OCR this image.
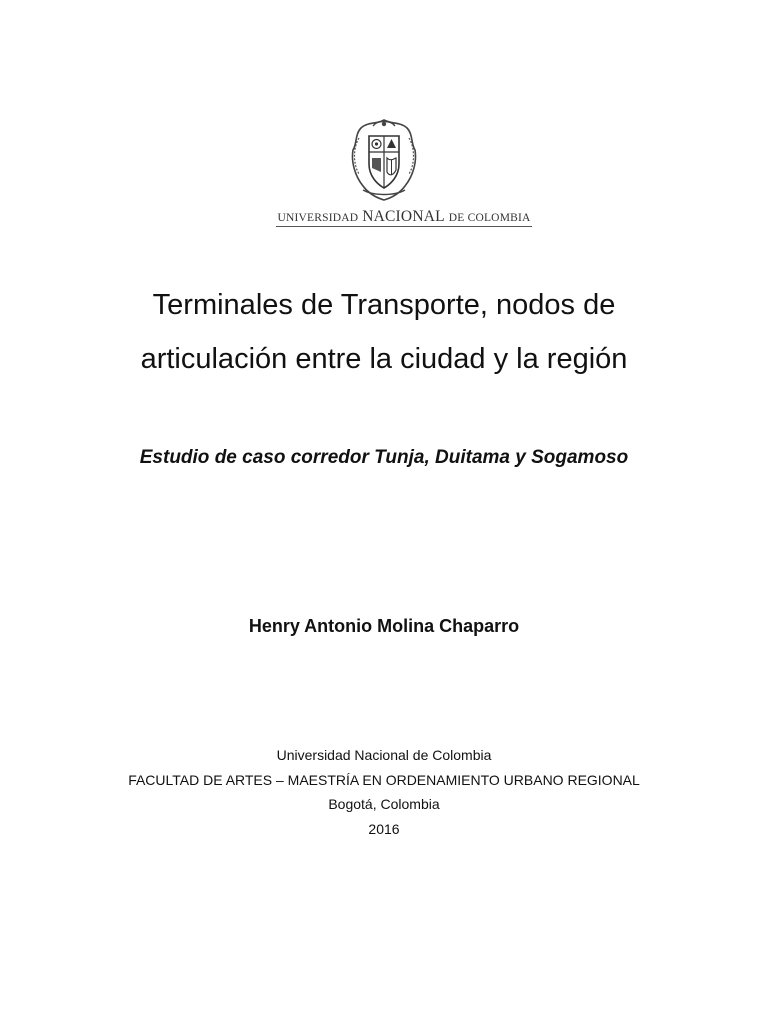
UNIVERSIDAD NACIONAL DE COLOMBIA
Terminales de Transporte, nodos de articulación entre la ciudad y la región
Estudio de caso corredor Tunja, Duitama y Sogamoso
Henry Antonio Molina Chaparro
Universidad Nacional de Colombia
FACULTAD DE ARTES – MAESTRÍA EN ORDENAMIENTO URBANO REGIONAL
Bogotá, Colombia
2016
